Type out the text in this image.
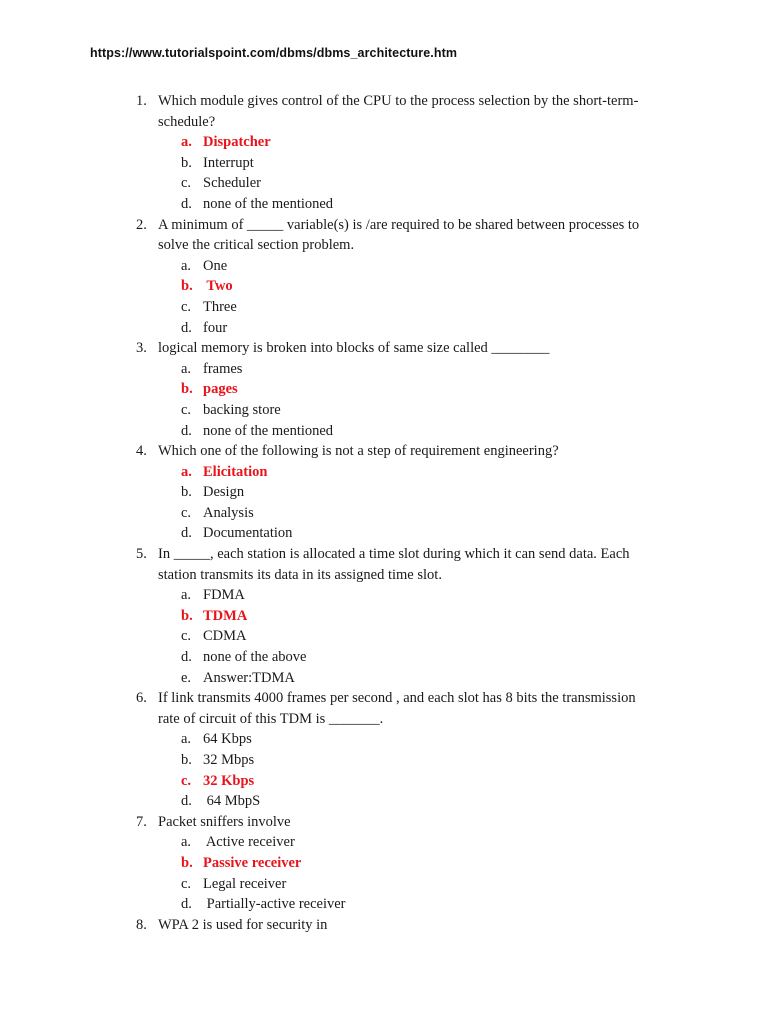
https://www.tutorialspoint.com/dbms/dbms_architecture.htm
1. Which module gives control of the CPU to the process selection by the short-term-
schedule?
a. Dispatcher
b. Interrupt
c. Scheduler
d. none of the mentioned
2. A minimum of _____ variable(s) is /are required to be shared between processes to
solve the critical section problem.
a. One
b. Two
c. Three
d. four
3. logical memory is broken into blocks of same size called ________
a. frames
b. pages
c. backing store
d. none of the mentioned
4. Which one of the following is not a step of requirement engineering?
a. Elicitation
b. Design
c. Analysis
d. Documentation
5. In _____, each station is allocated a time slot during which it can send data. Each
station transmits its data in its assigned time slot.
a. FDMA
b. TDMA
c. CDMA
d. none of the above
e. Answer:TDMA
6. If link transmits 4000 frames per second , and each slot has 8 bits the transmission
rate of circuit of this TDM is _______.
a. 64 Kbps
b. 32 Mbps
c. 32 Kbps
d. 64 MbpS
7. Packet sniffers involve
a. Active receiver
b. Passive receiver
c. Legal receiver
d. Partially-active receiver
8. WPA 2 is used for security in
